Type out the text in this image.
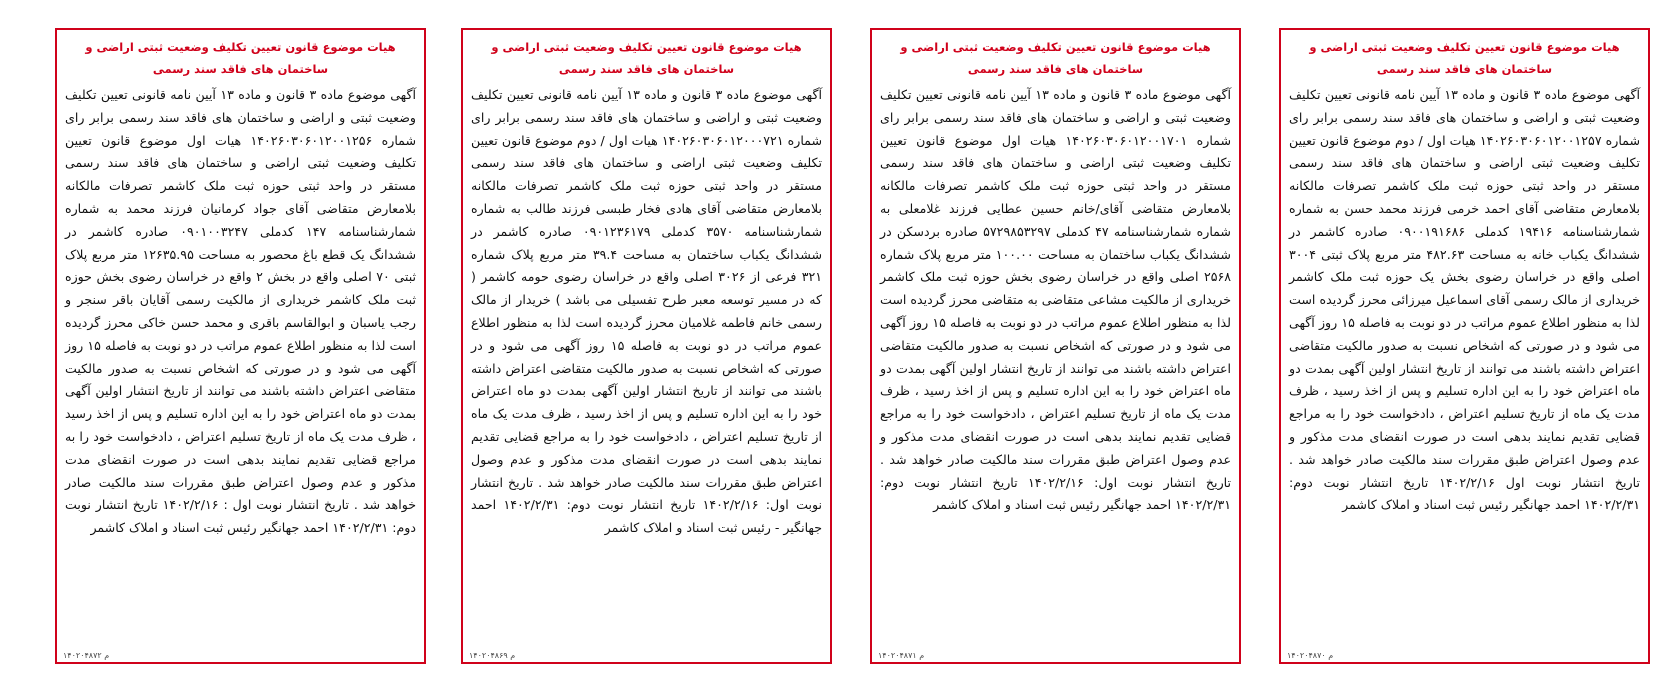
هیات موضوع قانون تعیین تکلیف وضعیت ثبتی اراضی و ساختمان های فاقد سند رسمی
آگهی موضوع ماده ۳ قانون و ماده ۱۳ آیین نامه قانونی تعیین تکلیف وضعیت ثبتی و اراضی و ساختمان های فاقد سند رسمی برابر رای شماره ۱۴۰۲۶۰۳۰۶۰۱۲۰۰۱۲۵۷ هیات اول / دوم موضوع قانون تعیین تکلیف وضعیت ثبتی اراضی و ساختمان های فاقد سند رسمی مستقر در واحد ثبتی حوزه ثبت ملک کاشمر تصرفات مالکانه بلامعارض متقاضی آقای احمد خرمی فرزند محمد حسن به شماره شمارشناسنامه ۱۹۴۱۶ کدملی ۰۹۰۰۱۹۱۶۸۶ صادره کاشمر در ششدانگ یکباب خانه به مساحت ۴۸۲.۶۳ متر مربع پلاک ثبتی ۳۰۰۴ اصلی واقع در خراسان رضوی بخش یک حوزه ثبت ملک کاشمر خریداری از مالک رسمی آقای اسماعیل میرزائی محرز گردیده است لذا به منظور اطلاع عموم مراتب در دو نوبت به فاصله ۱۵ روز آگهی می شود و در صورتی که اشخاص نسبت به صدور مالکیت متقاضی اعتراض داشته باشند می توانند از تاریخ انتشار اولین آگهی بمدت دو ماه اعتراض خود را به این اداره تسلیم و پس از اخذ رسید ، ظرف مدت یک ماه از تاریخ تسلیم اعتراض ، دادخواست خود را به مراجع قضایی تقدیم نمایند بدهی است در صورت انقضای مدت مذکور و عدم وصول اعتراض طبق مقررات سند مالکیت صادر خواهد شد . تاریخ انتشار نوبت اول ۱۴۰۲/۲/۱۶ تاریخ انتشار نوبت دوم: ۱۴۰۲/۲/۳۱ احمد جهانگیر رئیس ثبت اسناد و املاک کاشمر
م ۱۴۰۲۰۴۸۷۰
هیات موضوع قانون تعیین تکلیف وضعیت ثبتی اراضی و ساختمان های فاقد سند رسمی
آگهی موضوع ماده ۳ قانون و ماده ۱۳ آیین نامه قانونی تعیین تکلیف وضعیت ثبتی و اراضی و ساختمان های فاقد سند رسمی برابر رای شماره ۱۴۰۲۶۰۳۰۶۰۱۲۰۰۱۷۰۱ هیات اول موضوع قانون تعیین تکلیف وضعیت ثبتی اراضی و ساختمان های فاقد سند رسمی مستقر در واحد ثبتی حوزه ثبت ملک کاشمر تصرفات مالکانه بلامعارض متقاضی آقای/خانم حسین عطایی فرزند غلامعلی به شماره شمارشناسنامه ۴۷ کدملی ۵۷۲۹۸۵۳۲۹۷ صادره بردسکن در ششدانگ یکباب ساختمان به مساحت ۱۰۰.۰۰ متر مربع پلاک شماره ۲۵۶۸ اصلی واقع در خراسان رضوی بخش حوزه ثبت ملک کاشمر خریداری از مالکیت مشاعی متقاضی به متقاضی محرز گردیده است لذا به منظور اطلاع عموم مراتب در دو نوبت به فاصله ۱۵ روز آگهی می شود و در صورتی که اشخاص نسبت به صدور مالکیت متقاضی اعتراض داشته باشند می توانند از تاریخ انتشار اولین آگهی بمدت دو ماه اعتراض خود را به این اداره تسلیم و پس از اخذ رسید ، ظرف مدت یک ماه از تاریخ تسلیم اعتراض ، دادخواست خود را به مراجع قضایی تقدیم نمایند بدهی است در صورت انقضای مدت مذکور و عدم وصول اعتراض طبق مقررات سند مالکیت صادر خواهد شد . تاریخ انتشار نوبت اول: ۱۴۰۲/۲/۱۶ تاریخ انتشار نوبت دوم: ۱۴۰۲/۲/۳۱ احمد جهانگیر رئیس ثبت اسناد و املاک کاشمر
م ۱۴۰۲۰۴۸۷۱
هیات موضوع قانون تعیین تکلیف وضعیت ثبتی اراضی و ساختمان های فاقد سند رسمی
آگهی موضوع ماده ۳ قانون و ماده ۱۳ آیین نامه قانونی تعیین تکلیف وضعیت ثبتی و اراضی و ساختمان های فاقد سند رسمی برابر رای شماره ۱۴۰۲۶۰۳۰۶۰۱۲۰۰۰۷۲۱ هیات اول / دوم موضوع قانون تعیین تکلیف وضعیت ثبتی اراضی و ساختمان های فاقد سند رسمی مستقر در واحد ثبتی حوزه ثبت ملک کاشمر تصرفات مالکانه بلامعارض متقاضی آقای هادی فخار طبسی فرزند طالب به شماره شمارشناسنامه ۳۵۷۰ کدملی ۰۹۰۱۲۳۶۱۷۹ صادره کاشمر در ششدانگ یکباب ساختمان به مساحت ۳۹.۴ متر مربع پلاک شماره ۳۲۱ فرعی از ۳۰۲۶ اصلی واقع در خراسان رضوی حومه کاشمر ( که در مسیر توسعه معبر طرح تفسیلی می باشد ) خریدار از مالک رسمی خانم فاطمه غلامیان محرز گردیده است لذا به منظور اطلاع عموم مراتب در دو نوبت به فاصله ۱۵ روز آگهی می شود و در صورتی که اشخاص نسبت به صدور مالکیت متقاضی اعتراض داشته باشند می توانند از تاریخ انتشار اولین آگهی بمدت دو ماه اعتراض خود را به این اداره تسلیم و پس از اخذ رسید ، ظرف مدت یک ماه از تاریخ تسلیم اعتراض ، دادخواست خود را به مراجع قضایی تقدیم نمایند بدهی است در صورت انقضای مدت مذکور و عدم وصول اعتراض طبق مقررات سند مالکیت صادر خواهد شد . تاریخ انتشار نوبت اول: ۱۴۰۲/۲/۱۶ تاریخ انتشار نوبت دوم: ۱۴۰۲/۲/۳۱ احمد جهانگیر - رئیس ثبت اسناد و املاک کاشمر
م ۱۴۰۲۰۴۸۶۹
هیات موضوع قانون تعیین تکلیف وضعیت ثبتی اراضی و ساختمان های فاقد سند رسمی
آگهی موضوع ماده ۳ قانون و ماده ۱۳ آیین نامه قانونی تعیین تکلیف وضعیت ثبتی و اراضی و ساختمان های فاقد سند رسمی برابر رای شماره ۱۴۰۲۶۰۳۰۶۰۱۲۰۰۱۲۵۶ هیات اول موضوع قانون تعیین تکلیف وضعیت ثبتی اراضی و ساختمان های فاقد سند رسمی مستقر در واحد ثبتی حوزه ثبت ملک کاشمر تصرفات مالکانه بلامعارض متقاضی آقای جواد کرمانیان فرزند محمد به شماره شمارشناسنامه ۱۴۷ کدملی ۰۹۰۱۰۰۳۲۴۷ صادره کاشمر در ششدانگ یک قطع باغ محصور به مساحت ۱۲۶۳۵.۹۵ متر مربع پلاک ثبتی ۷۰ اصلی واقع در بخش ۲ واقع در خراسان رضوی بخش حوزه ثبت ملک کاشمر خریداری از مالکیت رسمی آقایان باقر سنجر و رجب یاسبان و ابوالقاسم باقری و محمد حسن خاکی محرز گردیده است لذا به منظور اطلاع عموم مراتب در دو نوبت به فاصله ۱۵ روز آگهی می شود و در صورتی که اشخاص نسبت به صدور مالکیت متقاضی اعتراض داشته باشند می توانند از تاریخ انتشار اولین آگهی بمدت دو ماه اعتراض خود را به این اداره تسلیم و پس از اخذ رسید ، ظرف مدت یک ماه از تاریخ تسلیم اعتراض ، دادخواست خود را به مراجع قضایی تقدیم نمایند بدهی است در صورت انقضای مدت مذکور و عدم وصول اعتراض طبق مقررات سند مالکیت صادر خواهد شد . تاریخ انتشار نوبت اول : ۱۴۰۲/۲/۱۶ تاریخ انتشار نوبت دوم: ۱۴۰۲/۲/۳۱ احمد جهانگیر رئیس ثبت اسناد و املاک کاشمر
م ۱۴۰۲۰۴۸۷۲
